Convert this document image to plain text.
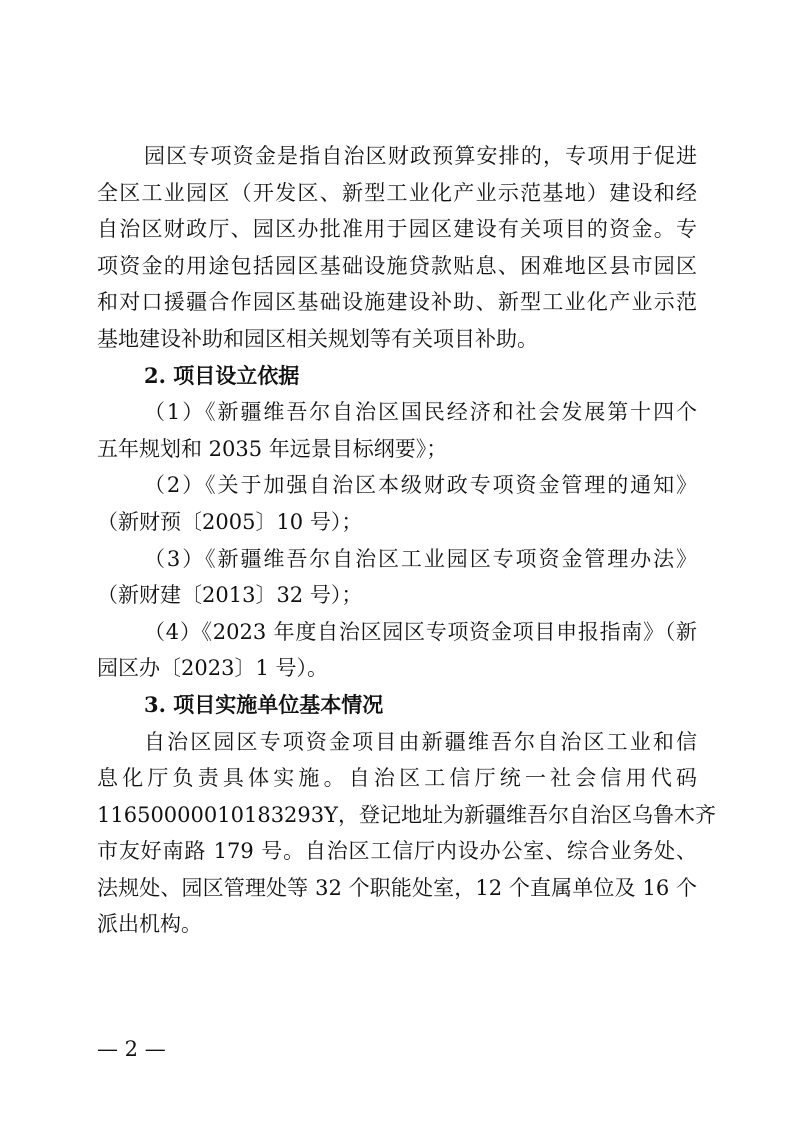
园区专项资金是指自治区财政预算安排的，专项用于促进
全区工业园区（开发区、新型工业化产业示范基地）建设和经
自治区财政厅、园区办批准用于园区建设有关项目的资金。专
项资金的用途包括园区基础设施贷款贴息、困难地区县市园区
和对口援疆合作园区基础设施建设补助、新型工业化产业示范
基地建设补助和园区相关规划等有关项目补助。
2. 项目设立依据
（1）《新疆维吾尔自治区国民经济和社会发展第十四个
五年规划和 2035 年远景目标纲要》；
（2）《关于加强自治区本级财政专项资金管理的通知》
（新财预〔2005〕10 号）；
（3）《新疆维吾尔自治区工业园区专项资金管理办法》
（新财建〔2013〕32 号）；
（4）《2023 年度自治区园区专项资金项目申报指南》（新
园区办〔2023〕1 号）。
3. 项目实施单位基本情况
自治区园区专项资金项目由新疆维吾尔自治区工业和信
息化厅负责具体实施。自治区工信厅统一社会信用代码
11650000010183293Y，登记地址为新疆维吾尔自治区乌鲁木齐
市友好南路 179 号。自治区工信厅内设办公室、综合业务处、
法规处、园区管理处等 32 个职能处室，12 个直属单位及 16 个
派出机构。
— 2 —
